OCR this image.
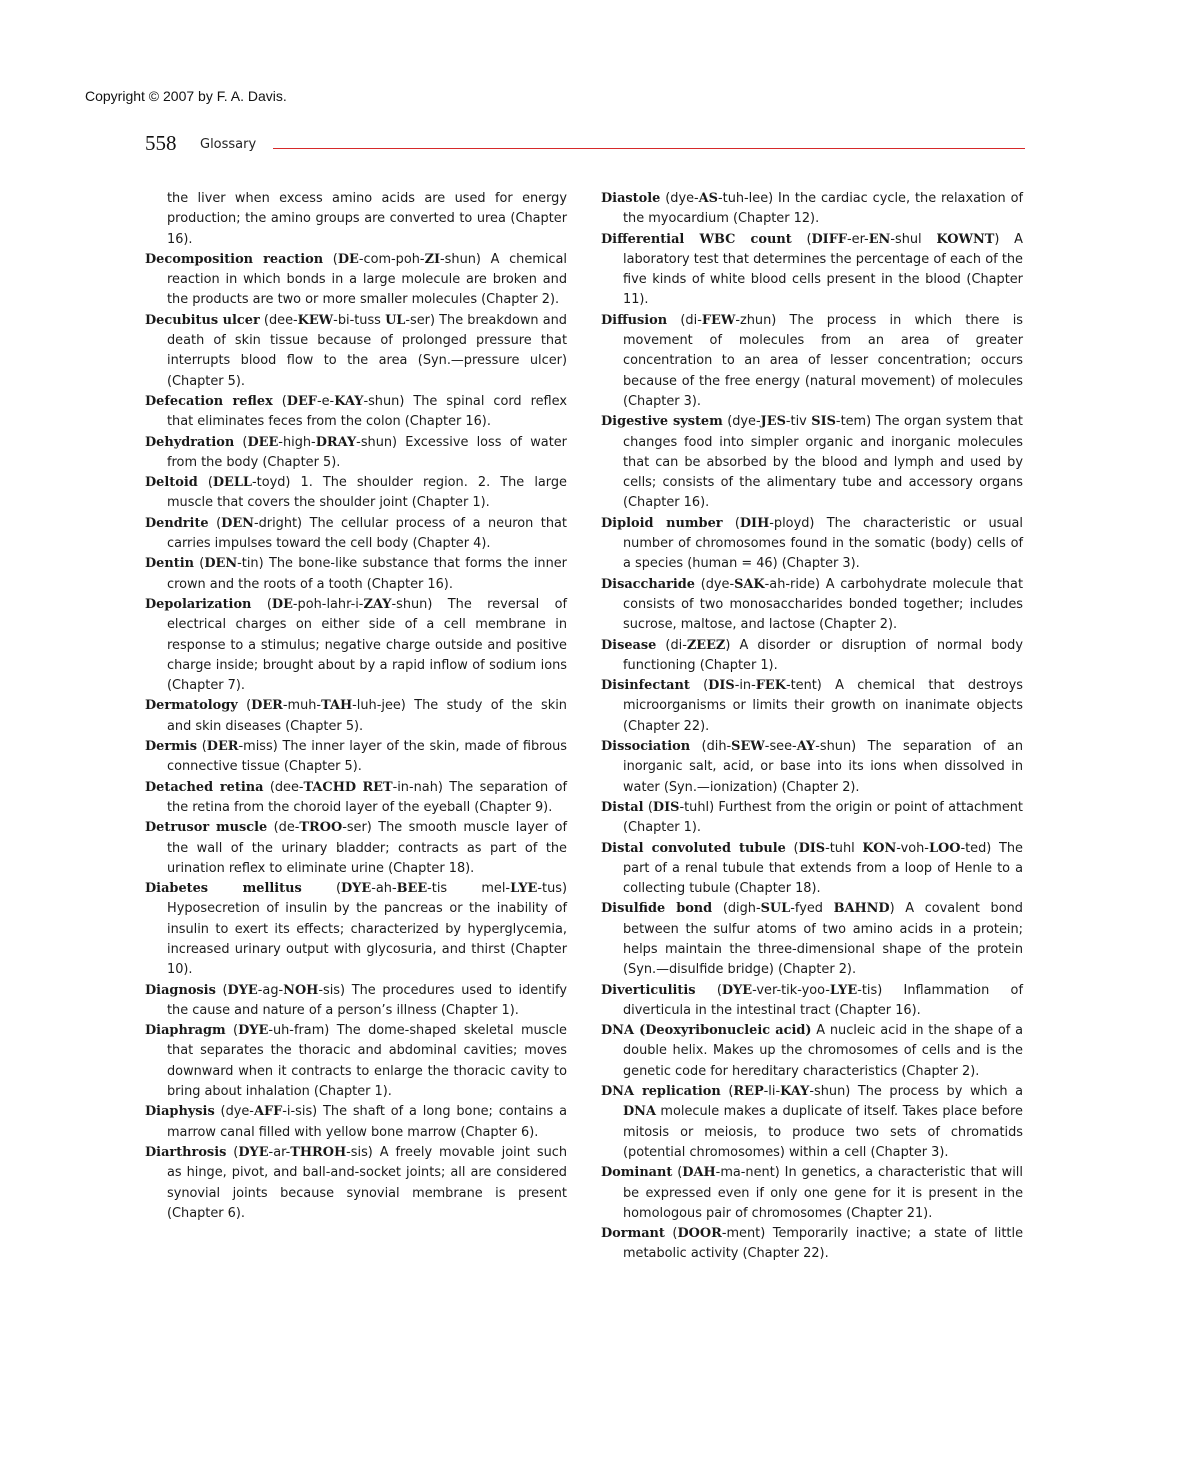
Copyright © 2007 by F. A. Davis.
558 Glossary
the liver when excess amino acids are used for energy production; the amino groups are converted to urea (Chapter 16).
Decomposition reaction (DE-com-poh-ZI-shun) A chemical reaction in which bonds in a large molecule are broken and the products are two or more smaller molecules (Chapter 2).
Decubitus ulcer (dee-KEW-bi-tuss UL-ser) The breakdown and death of skin tissue because of prolonged pressure that interrupts blood flow to the area (Syn.—pressure ulcer) (Chapter 5).
Defecation reflex (DEF-e-KAY-shun) The spinal cord reflex that eliminates feces from the colon (Chapter 16).
Dehydration (DEE-high-DRAY-shun) Excessive loss of water from the body (Chapter 5).
Deltoid (DELL-toyd) 1. The shoulder region. 2. The large muscle that covers the shoulder joint (Chapter 1).
Dendrite (DEN-dright) The cellular process of a neuron that carries impulses toward the cell body (Chapter 4).
Dentin (DEN-tin) The bone-like substance that forms the inner crown and the roots of a tooth (Chapter 16).
Depolarization (DE-poh-lahr-i-ZAY-shun) The reversal of electrical charges on either side of a cell membrane in response to a stimulus; negative charge outside and positive charge inside; brought about by a rapid inflow of sodium ions (Chapter 7).
Dermatology (DER-muh-TAH-luh-jee) The study of the skin and skin diseases (Chapter 5).
Dermis (DER-miss) The inner layer of the skin, made of fibrous connective tissue (Chapter 5).
Detached retina (dee-TACHD RET-in-nah) The separation of the retina from the choroid layer of the eyeball (Chapter 9).
Detrusor muscle (de-TROO-ser) The smooth muscle layer of the wall of the urinary bladder; contracts as part of the urination reflex to eliminate urine (Chapter 18).
Diabetes mellitus (DYE-ah-BEE-tis mel-LYE-tus) Hyposecretion of insulin by the pancreas or the inability of insulin to exert its effects; characterized by hyperglycemia, increased urinary output with glycosuria, and thirst (Chapter 10).
Diagnosis (DYE-ag-NOH-sis) The procedures used to identify the cause and nature of a person’s illness (Chapter 1).
Diaphragm (DYE-uh-fram) The dome-shaped skeletal muscle that separates the thoracic and abdominal cavities; moves downward when it contracts to enlarge the thoracic cavity to bring about inhalation (Chapter 1).
Diaphysis (dye-AFF-i-sis) The shaft of a long bone; contains a marrow canal filled with yellow bone marrow (Chapter 6).
Diarthrosis (DYE-ar-THROH-sis) A freely movable joint such as hinge, pivot, and ball-and-socket joints; all are considered synovial joints because synovial membrane is present (Chapter 6).
Diastole (dye-AS-tuh-lee) In the cardiac cycle, the relaxation of the myocardium (Chapter 12).
Differential WBC count (DIFF-er-EN-shul KOWNT) A laboratory test that determines the percentage of each of the five kinds of white blood cells present in the blood (Chapter 11).
Diffusion (di-FEW-zhun) The process in which there is movement of molecules from an area of greater concentration to an area of lesser concentration; occurs because of the free energy (natural movement) of molecules (Chapter 3).
Digestive system (dye-JES-tiv SIS-tem) The organ system that changes food into simpler organic and inorganic molecules that can be absorbed by the blood and lymph and used by cells; consists of the alimentary tube and accessory organs (Chapter 16).
Diploid number (DIH-ployd) The characteristic or usual number of chromosomes found in the somatic (body) cells of a species (human = 46) (Chapter 3).
Disaccharide (dye-SAK-ah-ride) A carbohydrate molecule that consists of two monosaccharides bonded together; includes sucrose, maltose, and lactose (Chapter 2).
Disease (di-ZEEZ) A disorder or disruption of normal body functioning (Chapter 1).
Disinfectant (DIS-in-FEK-tent) A chemical that destroys microorganisms or limits their growth on inanimate objects (Chapter 22).
Dissociation (dih-SEW-see-AY-shun) The separation of an inorganic salt, acid, or base into its ions when dissolved in water (Syn.—ionization) (Chapter 2).
Distal (DIS-tuhl) Furthest from the origin or point of attachment (Chapter 1).
Distal convoluted tubule (DIS-tuhl KON-voh-LOO-ted) The part of a renal tubule that extends from a loop of Henle to a collecting tubule (Chapter 18).
Disulfide bond (digh-SUL-fyed BAHND) A covalent bond between the sulfur atoms of two amino acids in a protein; helps maintain the three-dimensional shape of the protein (Syn.—disulfide bridge) (Chapter 2).
Diverticulitis (DYE-ver-tik-yoo-LYE-tis) Inflammation of diverticula in the intestinal tract (Chapter 16).
DNA (Deoxyribonucleic acid) A nucleic acid in the shape of a double helix. Makes up the chromosomes of cells and is the genetic code for hereditary characteristics (Chapter 2).
DNA replication (REP-li-KAY-shun) The process by which a DNA molecule makes a duplicate of itself. Takes place before mitosis or meiosis, to produce two sets of chromatids (potential chromosomes) within a cell (Chapter 3).
Dominant (DAH-ma-nent) In genetics, a characteristic that will be expressed even if only one gene for it is present in the homologous pair of chromosomes (Chapter 21).
Dormant (DOOR-ment) Temporarily inactive; a state of little metabolic activity (Chapter 22).
